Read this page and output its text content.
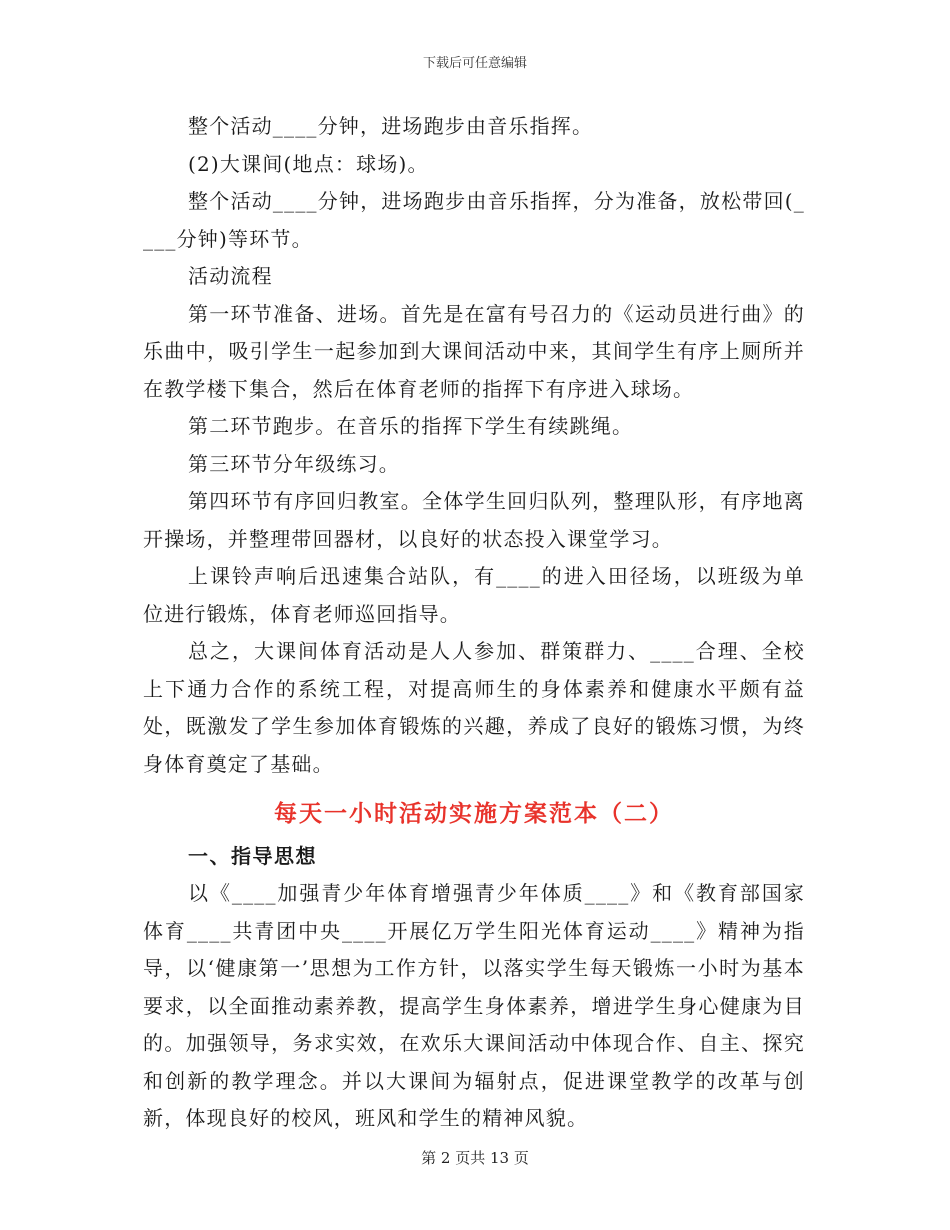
下载后可任意编辑

整个活动____分钟，进场跑步由音乐指挥。

(2)大课间(地点：球场)。

整个活动____分钟，进场跑步由音乐指挥，分为准备，放松带回(____分钟)等环节。

活动流程

第一环节准备、进场。首先是在富有号召力的《运动员进行曲》的乐曲中，吸引学生一起参加到大课间活动中来，其间学生有序上厕所并在教学楼下集合，然后在体育老师的指挥下有序进入球场。

第二环节跑步。在音乐的指挥下学生有续跳绳。

第三环节分年级练习。

第四环节有序回归教室。全体学生回归队列，整理队形，有序地离开操场，并整理带回器材，以良好的状态投入课堂学习。

上课铃声响后迅速集合站队，有____的进入田径场，以班级为单位进行锻炼，体育老师巡回指导。

总之，大课间体育活动是人人参加、群策群力、____合理、全校上下通力合作的系统工程，对提高师生的身体素养和健康水平颇有益处，既激发了学生参加体育锻炼的兴趣，养成了良好的锻炼习惯，为终身体育奠定了基础。

每天一小时活动实施方案范本（二）

一、指导思想

以《____加强青少年体育增强青少年体质____》和《教育部国家体育____共青团中央____开展亿万学生阳光体育运动____》精神为指导，以‘健康第一’思想为工作方针，以落实学生每天锻炼一小时为基本要求，以全面推动素养教，提高学生身体素养，增进学生身心健康为目的。加强领导，务求实效，在欢乐大课间活动中体现合作、自主、探究和创新的教学理念。并以大课间为辐射点，促进课堂教学的改革与创新，体现良好的校风，班风和学生的精神风貌。

第 2 页共 13 页
